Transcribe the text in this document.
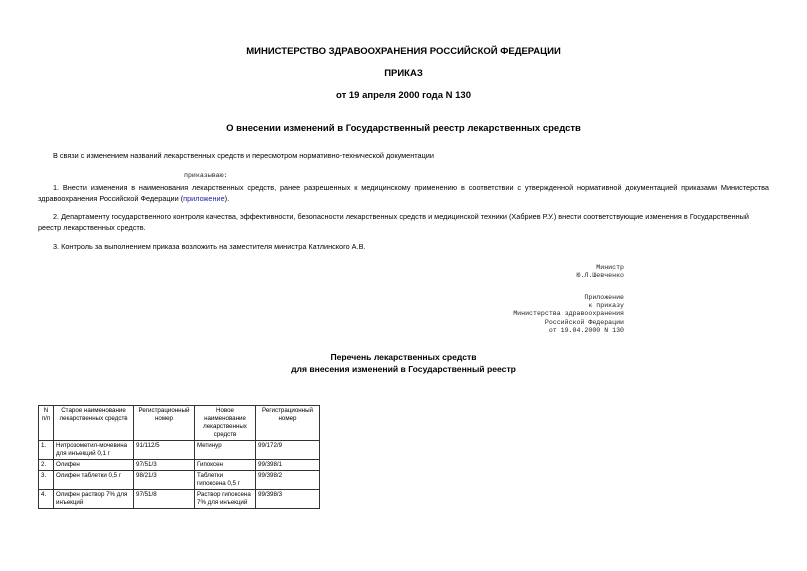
МИНИСТЕРСТВО ЗДРАВООХРАНЕНИЯ РОССИЙСКОЙ ФЕДЕРАЦИИ
ПРИКАЗ
от 19 апреля 2000 года N 130
О внесении изменений в Государственный реестр лекарственных средств
В связи с изменением названий лекарственных средств и пересмотром нормативно-технической документации
приказываю:
1. Внести изменения в наименования лекарственных средств, ранее разрешенных к медицинскому применению в соответствии с утвержденной нормативной документацией приказами Министерства здравоохранения Российской Федерации (приложение).
2. Департаменту государственного контроля качества, эффективности, безопасности лекарственных средств и медицинской техники (Хабриев Р.У.) внести соответствующие изменения в Государственный реестр лекарственных средств.
3. Контроль за выполнением приказа возложить на заместителя министра Катлинского А.В.
Министр
Ю.Л.Шевченко
Приложение
к приказу
Министерства здравоохранения
Российской Федерации
от 19.04.2000 N 130
Перечень лекарственных средств
для внесения изменений в Государственный реестр
N п/п	Старое наименование лекарственных средств	Регистрационный номер	Новое наименование лекарственных средств	Регистрационный номер
1.	Нитрозометил-мочевина для инъекций 0,1 г	91/112/5	Метинур	99/172/9
2.	Олифен	97/51/3	Гипоксен	99/398/1
3.	Олифен таблетки 0,5 г	98/21/3	Таблетки гипоксена 0,5 г	99/398/2
4.	Олифен раствор 7% для инъекций	97/51/8	Раствор гипоксена 7% для инъекций	99/398/3
